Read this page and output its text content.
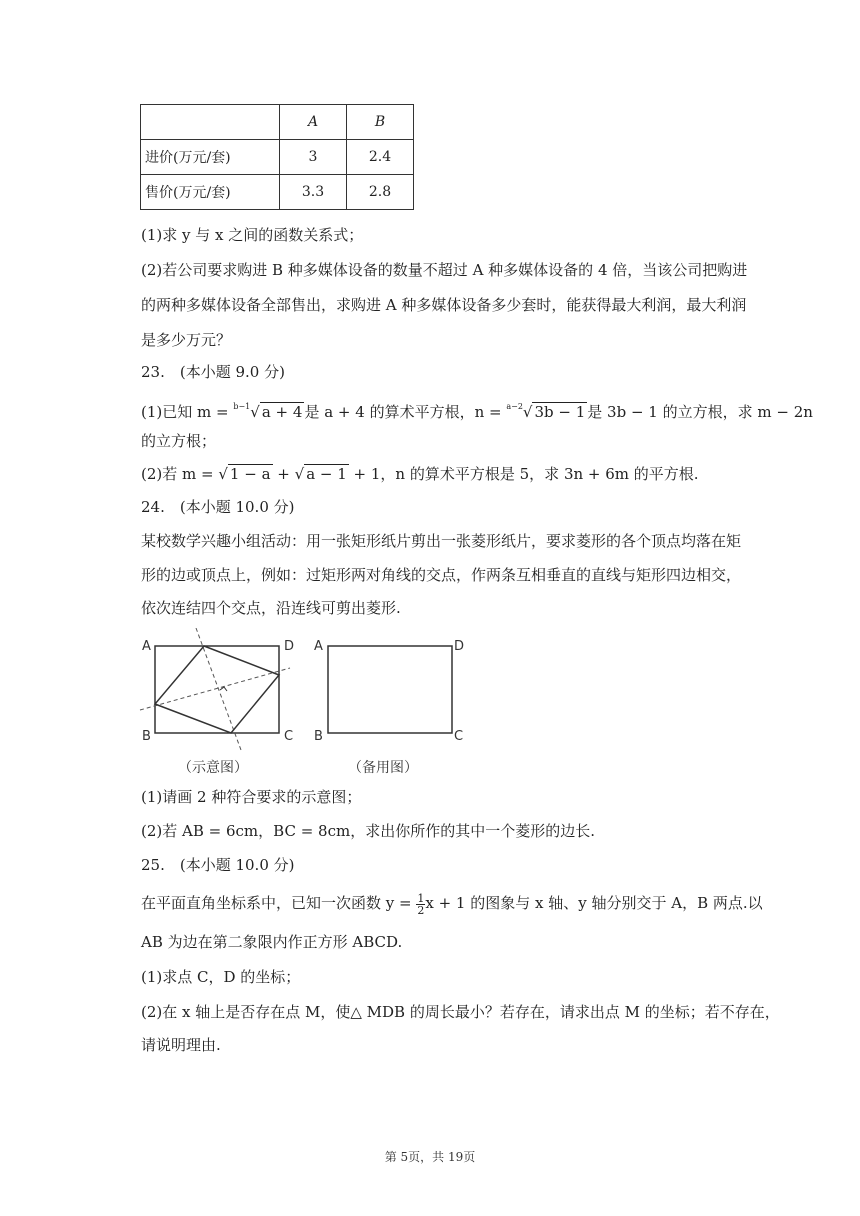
	A	B
进价(万元/套)	3	2.4
售价(万元/套)	3.3	2.8
(1)求 y 与 x 之间的函数关系式；
(2)若公司要求购进 B 种多媒体设备的数量不超过 A 种多媒体设备的 4 倍，当该公司把购进
的两种多媒体设备全部售出，求购进 A 种多媒体设备多少套时，能获得最大利润，最大利润
是多少万元？
23.　(本小题 9.0 分)
(1)已知 m = $^{b-1}$√ a + 4 是 a + 4 的算术平方根，n = $^{a-2}$√ 3b − 1 是 3b − 1 的立方根，求 m − 2n
的立方根；
(2)若 m = √ 1 − a + √ a − 1 + 1，n 的算术平方根是 5，求 3n + 6m 的平方根.
24.　(本小题 10.0 分)
某校数学兴趣小组活动：用一张矩形纸片剪出一张菱形纸片，要求菱形的各个顶点均落在矩
形的边或顶点上，例如：过矩形两对角线的交点，作两条互相垂直的直线与矩形四边相交，
依次连结四个交点，沿连线可剪出菱形.
A	D
B	C
（示意图）
A	D
B	C
（备用图）
(1)请画 2 种符合要求的示意图；
(2)若 AB = 6cm，BC = 8cm，求出你所作的其中一个菱形的边长.
25.　(本小题 10.0 分)
在平面直角坐标系中，已知一次函数 $y = \frac{1}{2}$ x + 1 的图象与 x 轴、y 轴分别交于 A，B 两点.以
AB 为边在第二象限内作正方形 ABCD.
(1)求点 C，D 的坐标；
(2)在 x 轴上是否存在点 M，使△ MDB 的周长最小？若存在，请求出点 M 的坐标；若不存在，
请说明理由.
第 5页，共 19页
